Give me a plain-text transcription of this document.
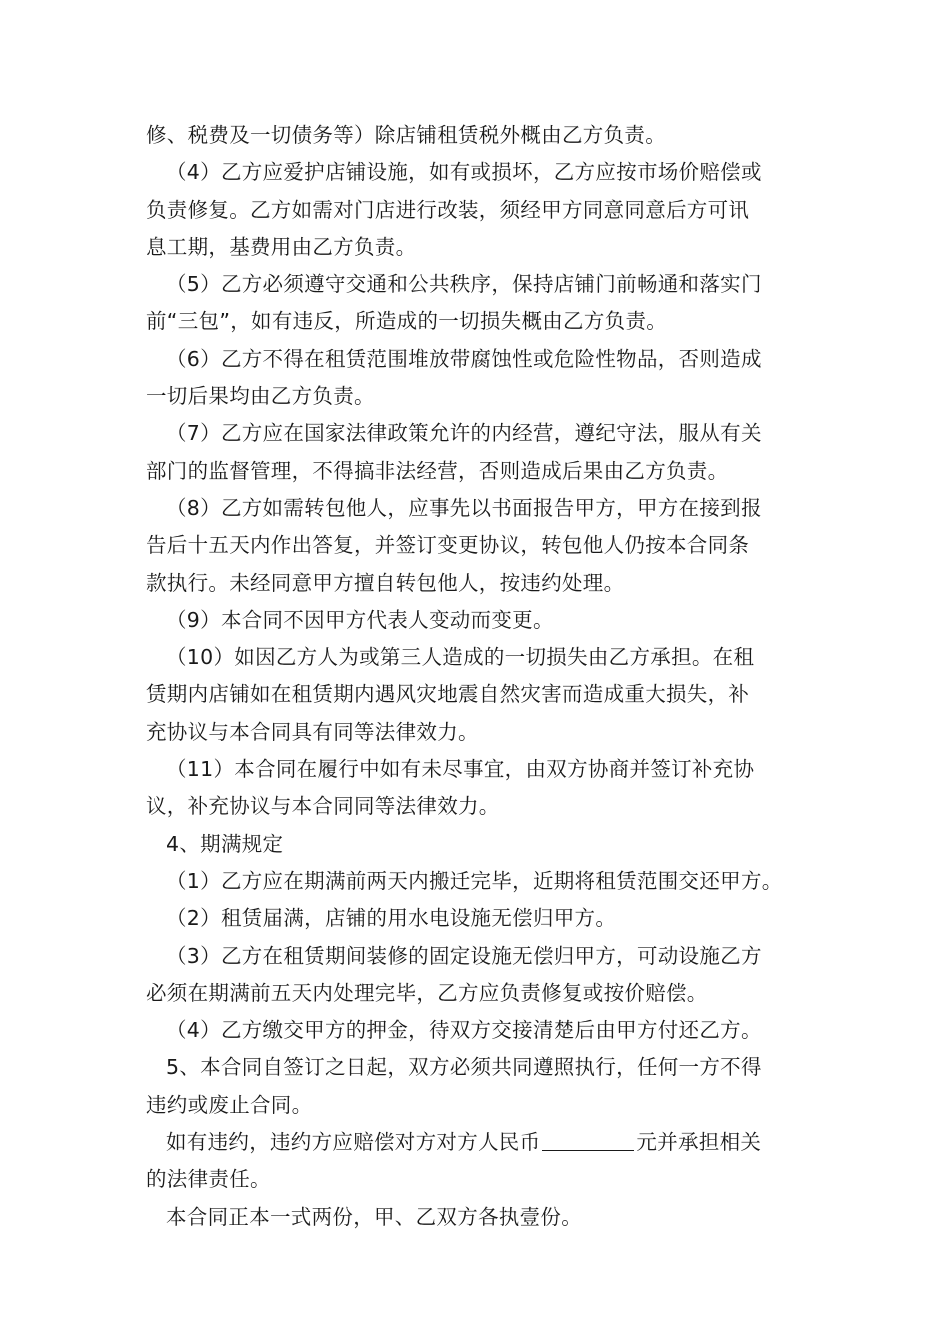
修、税费及一切债务等）除店铺租赁税外概由乙方负责。
（4）乙方应爱护店铺设施，如有或损坏，乙方应按市场价赔偿或
负责修复。乙方如需对门店进行改装，须经甲方同意同意后方可讯
息工期，基费用由乙方负责。
（5）乙方必须遵守交通和公共秩序，保持店铺门前畅通和落实门
前“三包”，如有违反，所造成的一切损失概由乙方负责。
（6）乙方不得在租赁范围堆放带腐蚀性或危险性物品，否则造成
一切后果均由乙方负责。
（7）乙方应在国家法律政策允许的内经营，遵纪守法，服从有关
部门的监督管理，不得搞非法经营，否则造成后果由乙方负责。
（8）乙方如需转包他人，应事先以书面报告甲方，甲方在接到报
告后十五天内作出答复，并签订变更协议，转包他人仍按本合同条
款执行。未经同意甲方擅自转包他人，按违约处理。
（9）本合同不因甲方代表人变动而变更。
（10）如因乙方人为或第三人造成的一切损失由乙方承担。在租
赁期内店铺如在租赁期内遇风灾地震自然灾害而造成重大损失，补
充协议与本合同具有同等法律效力。
（11）本合同在履行中如有未尽事宜，由双方协商并签订补充协
议，补充协议与本合同同等法律效力。
4、期满规定
（1）乙方应在期满前两天内搬迁完毕，近期将租赁范围交还甲方。
（2）租赁届满，店铺的用水电设施无偿归甲方。
（3）乙方在租赁期间装修的固定设施无偿归甲方，可动设施乙方
必须在期满前五天内处理完毕，乙方应负责修复或按价赔偿。
（4）乙方缴交甲方的押金，待双方交接清楚后由甲方付还乙方。
5、本合同自签订之日起，双方必须共同遵照执行，任何一方不得
违约或废止合同。
如有违约，违约方应赔偿对方对方人民币	元并承担相关
的法律责任。
本合同正本一式两份，甲、乙双方各执壹份。
